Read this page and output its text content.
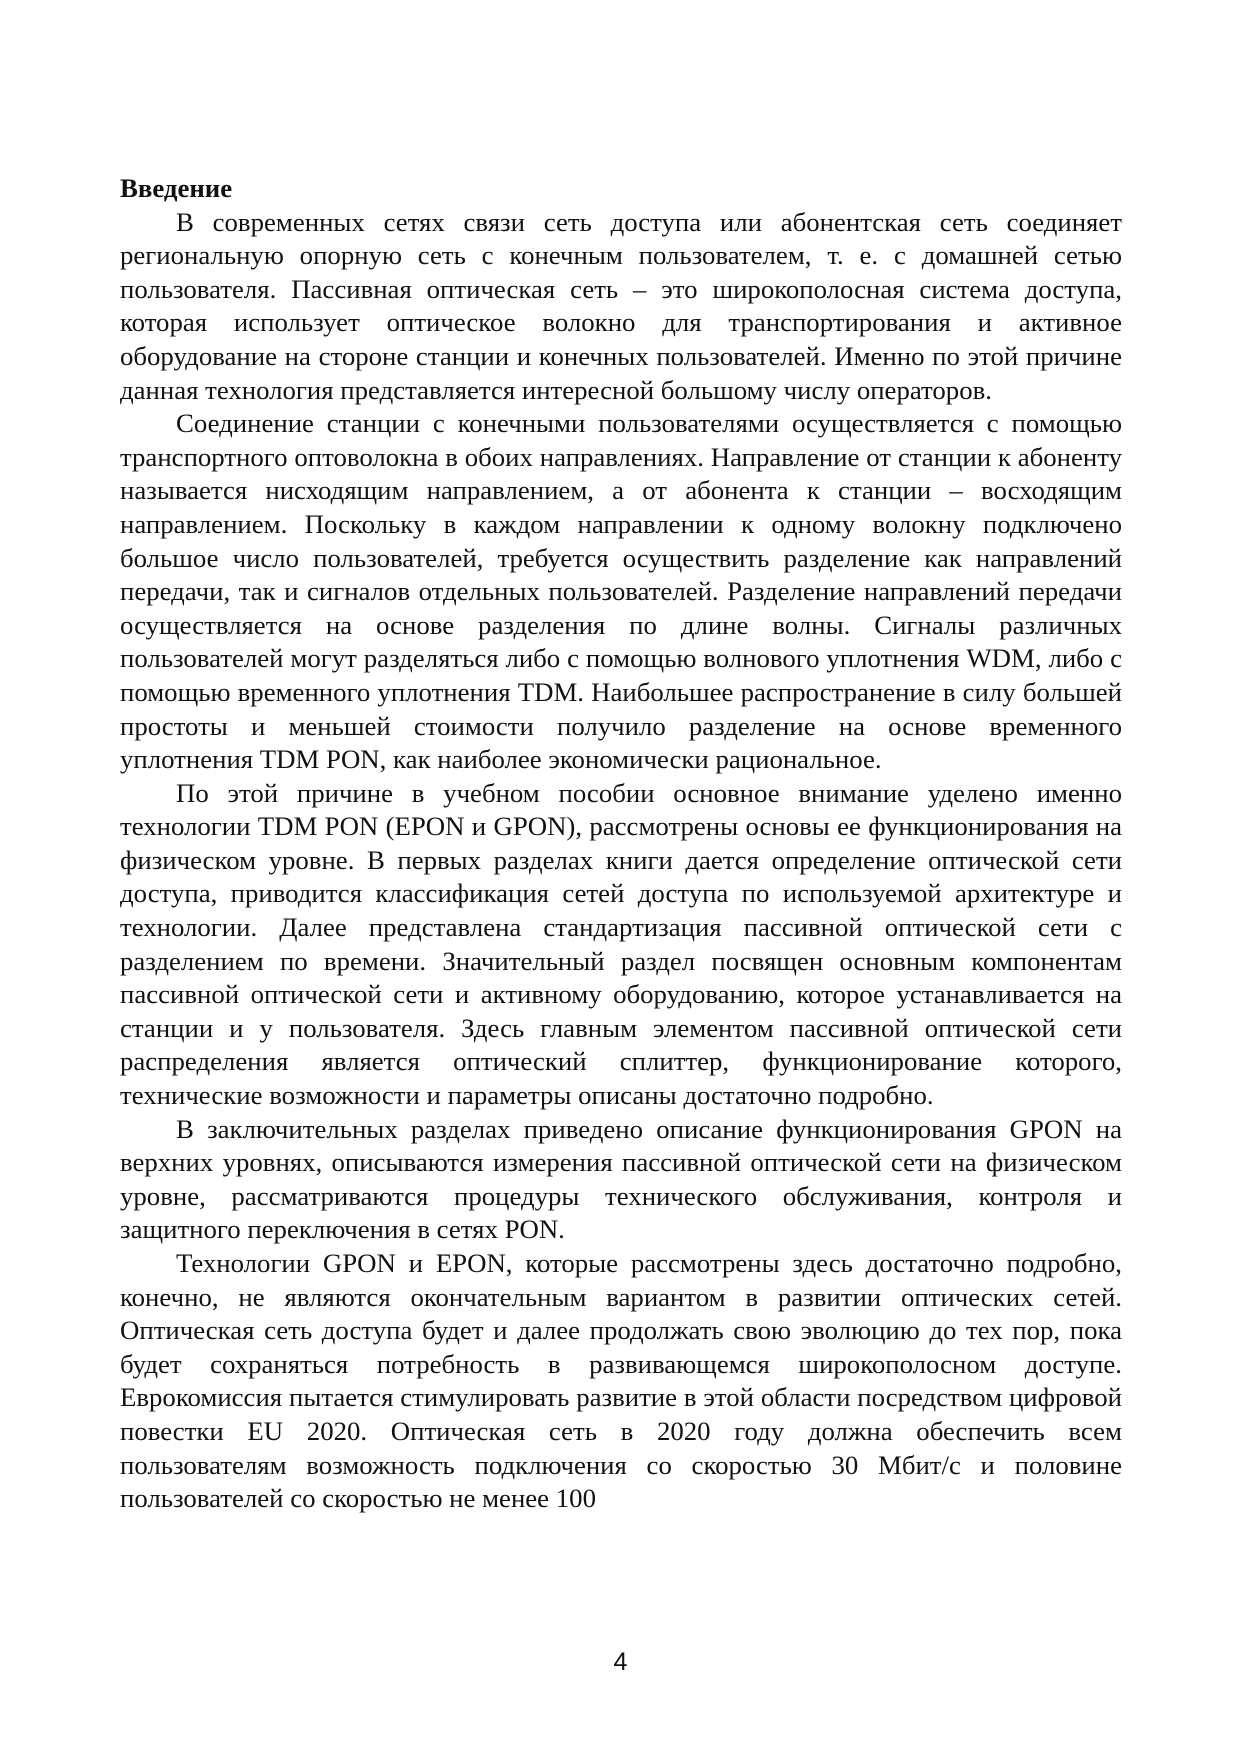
Введение

В современных сетях связи сеть доступа или абонентская сеть соединяет региональную опорную сеть с конечным пользователем, т. е. с домашней сетью пользователя. Пассивная оптическая сеть – это широкополосная система доступа, которая использует оптическое волокно для транспортирования и активное оборудование на стороне станции и конечных пользователей. Именно по этой причине данная технология представляется интересной большому числу операторов.

Соединение станции с конечными пользователями осуществляется с помощью транспортного оптоволокна в обоих направлениях. Направление от станции к абоненту называется нисходящим направлением, а от абонента к станции – восходящим направлением. Поскольку в каждом направлении к одному волокну подключено большое число пользователей, требуется осуществить разделение как направлений передачи, так и сигналов отдельных пользователей. Разделение направлений передачи осуществляется на основе разделения по длине волны. Сигналы различных пользователей могут разделяться либо с помощью волнового уплотнения WDM, либо с помощью временного уплотнения TDM. Наибольшее распространение в силу большей простоты и меньшей стоимости получило разделение на основе временного уплотнения TDM PON, как наиболее экономически рациональное.

По этой причине в учебном пособии основное внимание уделено именно технологии TDM PON (EPON и GPON), рассмотрены основы ее функционирования на физическом уровне. В первых разделах книги дается определение оптической сети доступа, приводится классификация сетей доступа по используемой архитектуре и технологии. Далее представлена стандартизация пассивной оптической сети с разделением по времени. Значительный раздел посвящен основным компонентам пассивной оптической сети и активному оборудованию, которое устанавливается на станции и у пользователя. Здесь главным элементом пассивной оптической сети распределения является оптический сплиттер, функционирование которого, технические возможности и параметры описаны достаточно подробно.

В заключительных разделах приведено описание функционирования GPON на верхних уровнях, описываются измерения пассивной оптической сети на физическом уровне, рассматриваются процедуры технического обслуживания, контроля и защитного переключения в сетях PON.

Технологии GPON и EPON, которые рассмотрены здесь достаточно подробно, конечно, не являются окончательным вариантом в развитии оптических сетей. Оптическая сеть доступа будет и далее продолжать свою эволюцию до тех пор, пока будет сохраняться потребность в развивающемся широкополосном доступе. Еврокомиссия пытается стимулировать развитие в этой области посредством цифровой повестки EU 2020. Оптическая сеть в 2020 году должна обеспечить всем пользователям возможность подключения со скоростью 30 Мбит/с и половине пользователей со скоростью не менее 100

4
